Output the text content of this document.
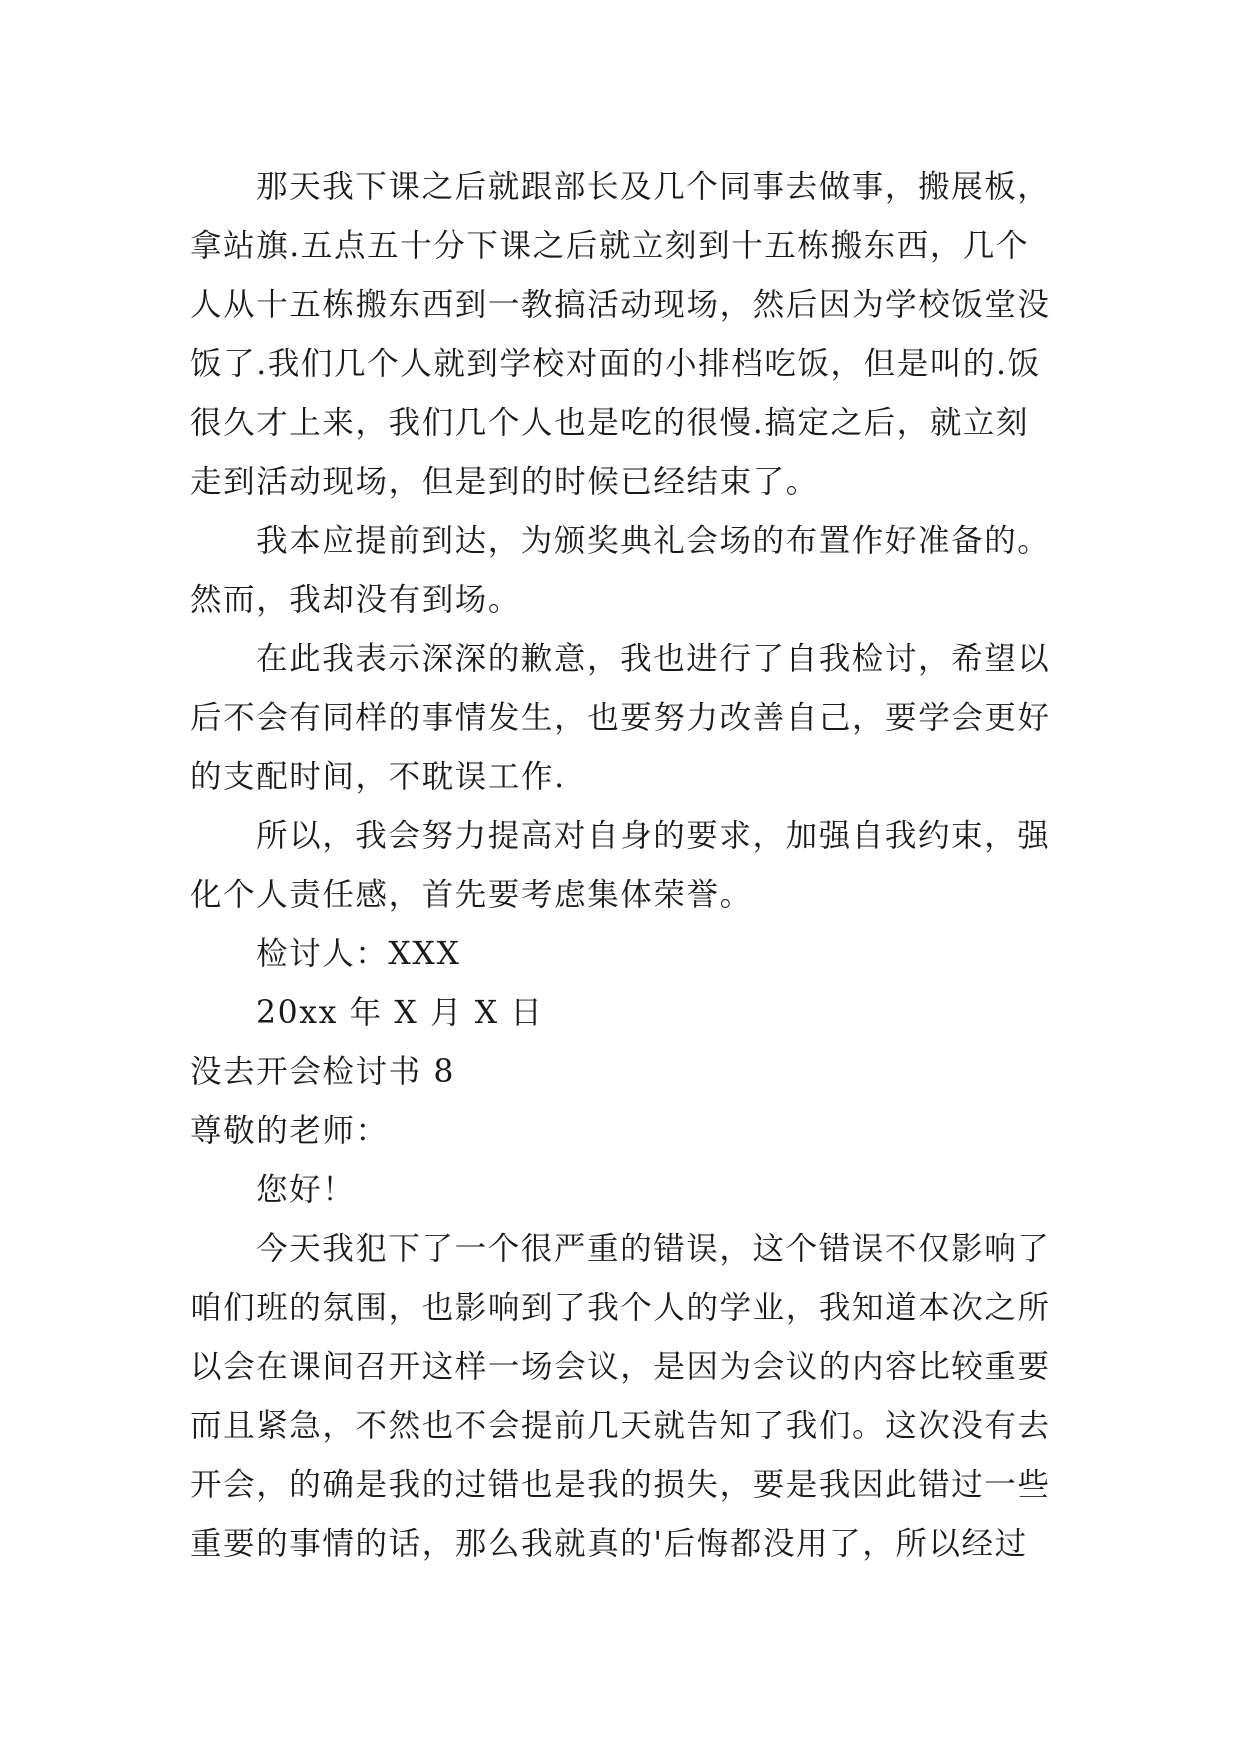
那天我下课之后就跟部长及几个同事去做事，搬展板，
拿站旗.五点五十分下课之后就立刻到十五栋搬东西，几个
人从十五栋搬东西到一教搞活动现场，然后因为学校饭堂没
饭了.我们几个人就到学校对面的小排档吃饭，但是叫的.饭
很久才上来，我们几个人也是吃的很慢.搞定之后，就立刻
走到活动现场，但是到的时候已经结束了。
我本应提前到达，为颁奖典礼会场的布置作好准备的。
然而，我却没有到场。
在此我表示深深的歉意，我也进行了自我检讨，希望以
后不会有同样的事情发生，也要努力改善自己，要学会更好
的支配时间，不耽误工作.
所以，我会努力提高对自身的要求，加强自我约束，强
化个人责任感，首先要考虑集体荣誉。
检讨人：XXX
20xx 年 X 月 X 日
没去开会检讨书 8
尊敬的老师：
您好！
今天我犯下了一个很严重的错误，这个错误不仅影响了
咱们班的氛围，也影响到了我个人的学业，我知道本次之所
以会在课间召开这样一场会议，是因为会议的内容比较重要
而且紧急，不然也不会提前几天就告知了我们。这次没有去
开会，的确是我的过错也是我的损失，要是我因此错过一些
重要的事情的话，那么我就真的'后悔都没用了，所以经过
